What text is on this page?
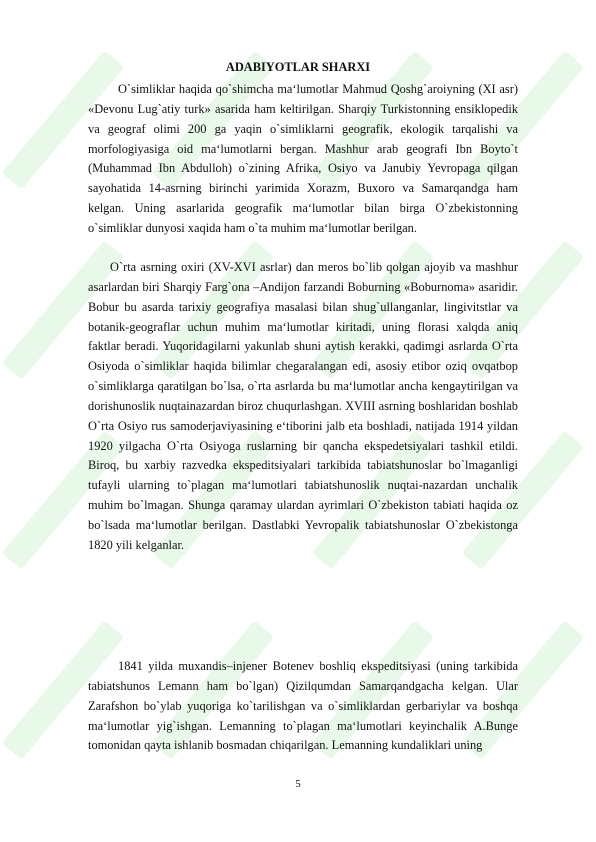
ADABIYOTLAR SHARXI

O`simliklar haqida qo`shimcha ma‘lumotlar Mahmud Qoshg`aroiyning (XI asr) «Devonu Lug`atiy turk» asarida ham keltirilgan. Sharqiy Turkistonning ensiklopedik va geograf olimi 200 ga yaqin o`simliklarni geografik, ekologik tarqalishi va morfologiyasiga oid ma‘lumotlarni bergan. Mashhur arab geografi Ibn Boyto`t (Muhammad Ibn Abdulloh) o`zining Afrika, Osiyo va Janubiy Yevropaga qilgan sayohatida 14-asrning birinchi yarimida Xorazm, Buxoro va Samarqandga ham kelgan. Uning asarlarida geografik ma‘lumotlar bilan birga O`zbekistonning o`simliklar dunyosi xaqida ham o`ta muhim ma‘lumotlar berilgan.

O`rta asrning oxiri (XV-XVI asrlar) dan meros bo`lib qolgan ajoyib va mashhur asarlardan biri Sharqiy Farg`ona –Andijon farzandi Boburning «Boburnoma» asaridir. Bobur bu asarda tarixiy geografiya masalasi bilan shug`ullanganlar, lingivitstlar va botanik-geograflar uchun muhim ma‘lumotlar kiritadi, uning florasi xalqda aniq faktlar beradi. Yuqoridagilarni yakunlab shuni aytish kerakki, qadimgi asrlarda O`rta Osiyoda o`simliklar haqida bilimlar chegaralangan edi, asosiy etibor oziq ovqatbop o`simliklarga qaratilgan bo`lsa, o`rta asrlarda bu ma‘lumotlar ancha kengaytirilgan va dorishunoslik nuqtainazardan biroz chuqurlashgan. XVIII asrning boshlaridan boshlab O`rta Osiyo rus samoderjaviyasining e‘tiborini jalb eta boshladi, natijada 1914 yildan 1920 yilgacha O`rta Osiyoga ruslarning bir qancha ekspedetsiyalari tashkil etildi. Biroq, bu xarbiy razvedka ekspeditsiyalari tarkibida tabiatshunoslar bo`lmaganligi tufayli ularning to`plagan ma‘lumotlari tabiatshunoslik nuqtai-nazardan unchalik muhim bo`lmagan. Shunga qaramay ulardan ayrimlari O`zbekiston tabiati haqida oz bo`lsada ma‘lumotlar berilgan. Dastlabki Yevropalik tabiatshunoslar O`zbekistonga 1820 yili kelganlar.

1841 yilda muxandis–injener Botenev boshliq ekspeditsiyasi (uning tarkibida tabiatshunos Lemann ham bo`lgan) Qizilqumdan Samarqandgacha kelgan. Ular Zarafshon bo`ylab yuqoriga ko`tarilishgan va o`simliklardan gerbariylar va boshqa ma‘lumotlar yig`ishgan. Lemanning to`plagan ma‘lumotlari keyinchalik A.Bunge tomonidan qayta ishlanib bosmadan chiqarilgan. Lemanning kundaliklari uning

5
